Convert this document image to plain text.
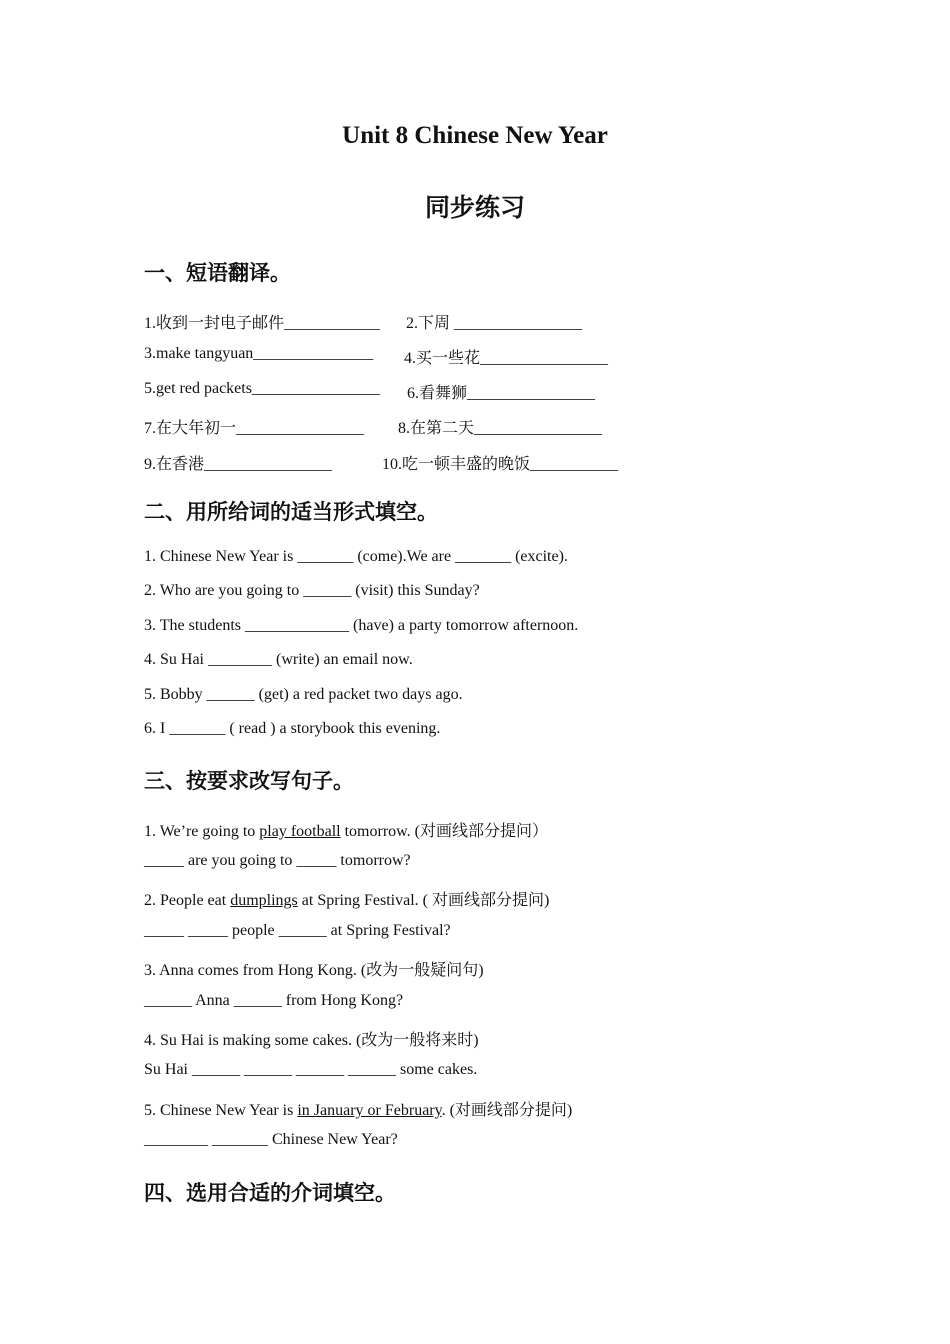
Unit 8 Chinese New Year
同步练习
一、短语翻译。
1.收到一封电子邮件____________ 2.下周 ________________
3.make tangyuan_______________ 4.买一些花________________
5.get red packets________________ 6.看舞狮________________
7.在大年初一________________ 8.在第二天________________
9.在香港________________	10.吃一顿丰盛的晚饭___________
二、用所给词的适当形式填空。
1. Chinese New Year is _______ (come).We are _______ (excite).
2. Who are you going to ______ (visit) this Sunday?
3. The students _____________ (have) a party tomorrow afternoon.
4. Su Hai ________ (write) an email now.
5. Bobby ______ (get) a red packet two days ago.
6. I _______ ( read ) a storybook this evening.
三、按要求改写句子。
1. We’re going to play football tomorrow. (对画线部分提问）
_____ are you going to _____ tomorrow?
2. People eat dumplings at Spring Festival. ( 对画线部分提问)
_____ _____ people ______ at Spring Festival?
3. Anna comes from Hong Kong. (改为一般疑问句)
______ Anna ______ from Hong Kong?
4. Su Hai is making some cakes. (改为一般将来时)
Su Hai ______ ______ ______ ______ some cakes.
5. Chinese New Year is in January or February. (对画线部分提问)
________ _______ Chinese New Year?
四、选用合适的介词填空。
